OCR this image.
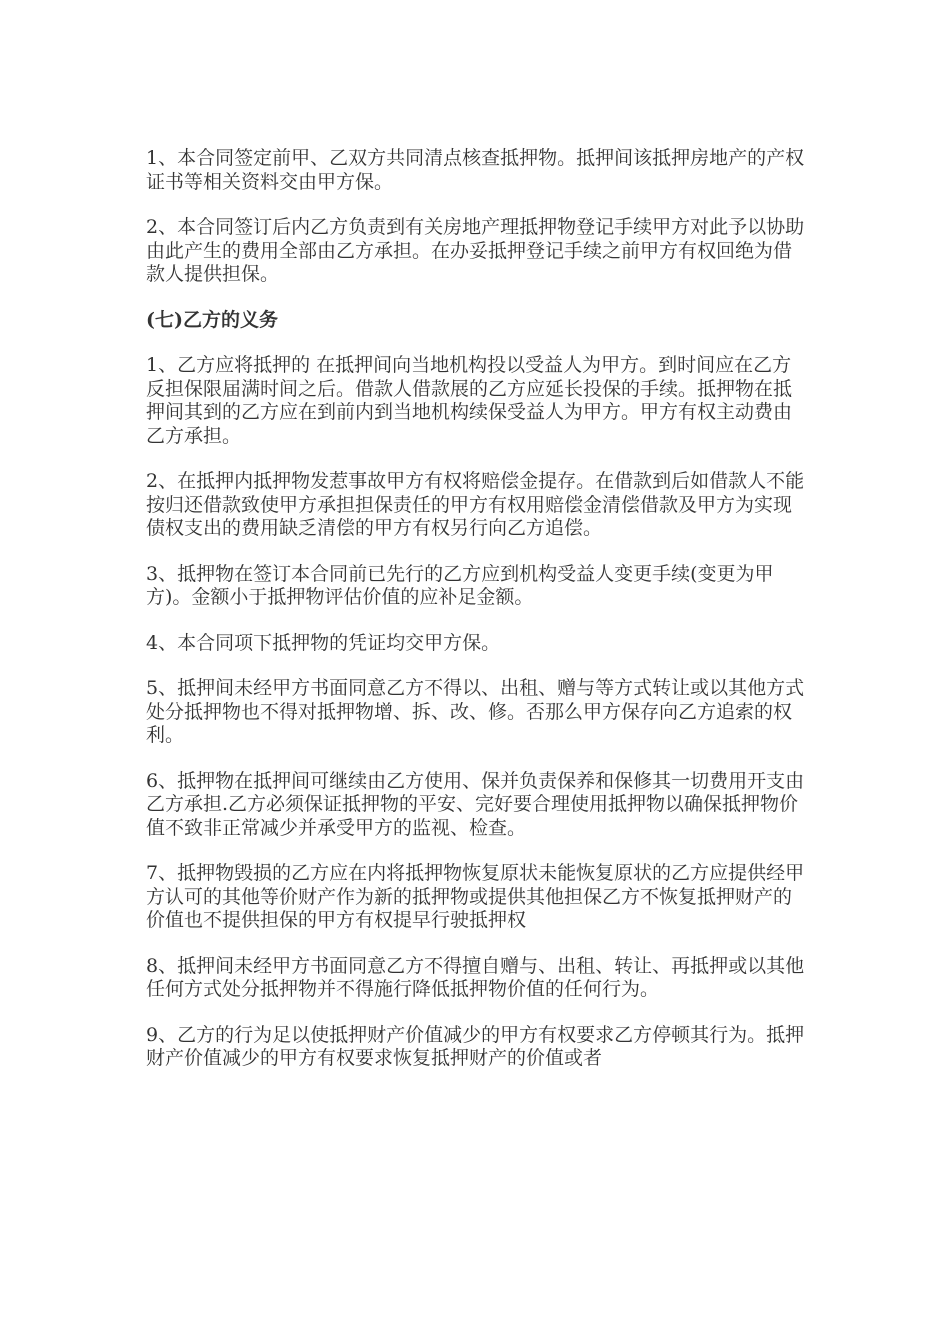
1、本合同签定前甲、乙双方共同清点核查抵押物。抵押间该抵押房地产的产权证书等相关资料交由甲方保。

2、本合同签订后内乙方负责到有关房地产理抵押物登记手续甲方对此予以协助由此产生的费用全部由乙方承担。在办妥抵押登记手续之前甲方有权回绝为借款人提供担保。

(七)乙方的义务

1、乙方应将抵押的 在抵押间向当地机构投以受益人为甲方。到时间应在乙方反担保限届满时间之后。借款人借款展的乙方应延长投保的手续。抵押物在抵押间其到的乙方应在到前内到当地机构续保受益人为甲方。甲方有权主动费由乙方承担。

2、在抵押内抵押物发惹事故甲方有权将赔偿金提存。在借款到后如借款人不能按归还借款致使甲方承担担保责任的甲方有权用赔偿金清偿借款及甲方为实现债权支出的费用缺乏清偿的甲方有权另行向乙方追偿。

3、抵押物在签订本合同前已先行的乙方应到机构受益人变更手续(变更为甲方)。金额小于抵押物评估价值的应补足金额。

4、本合同项下抵押物的凭证均交甲方保。

5、抵押间未经甲方书面同意乙方不得以、出租、赠与等方式转让或以其他方式处分抵押物也不得对抵押物增、拆、改、修。否那么甲方保存向乙方追索的权利。

6、抵押物在抵押间可继续由乙方使用、保并负责保养和保修其一切费用开支由乙方承担.乙方必须保证抵押物的平安、完好要合理使用抵押物以确保抵押物价值不致非正常减少并承受甲方的监视、检查。

7、抵押物毁损的乙方应在内将抵押物恢复原状未能恢复原状的乙方应提供经甲方认可的其他等价财产作为新的抵押物或提供其他担保乙方不恢复抵押财产的价值也不提供担保的甲方有权提早行驶抵押权

8、抵押间未经甲方书面同意乙方不得擅自赠与、出租、转让、再抵押或以其他任何方式处分抵押物并不得施行降低抵押物价值的任何行为。

9、乙方的行为足以使抵押财产价值减少的甲方有权要求乙方停顿其行为。抵押财产价值减少的甲方有权要求恢复抵押财产的价值或者
